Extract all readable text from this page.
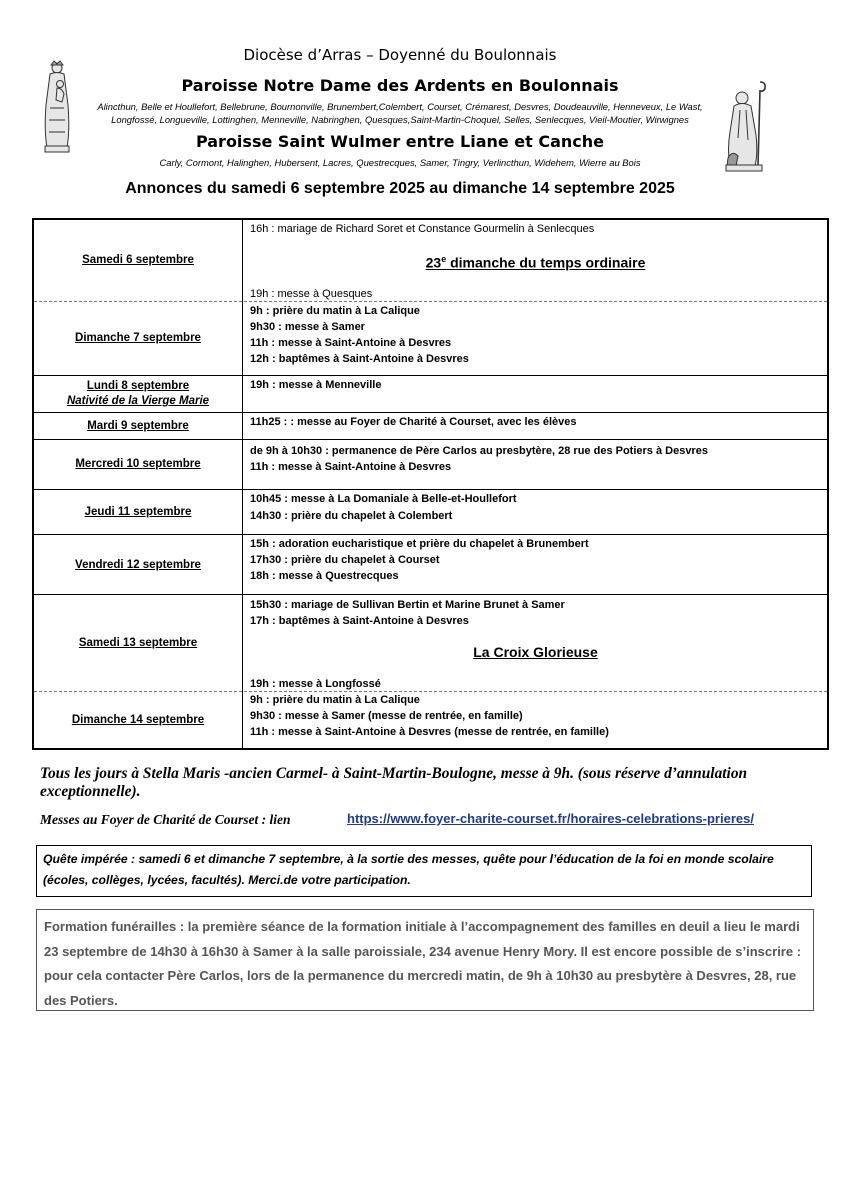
Diocèse d’Arras – Doyenné du Boulonnais
Paroisse Notre Dame des Ardents en Boulonnais
Alincthun, Belle et Houllefort, Bellebrune, Bournonville, Brunembert,Colembert, Courset, Crémarest, Desvres, Doudeauville, Henneveux, Le Wast,
Longfossé, Longueville, Lottinghen, Menneville, Nabringhen, Quesques,Saint-Martin-Choquel, Selles, Senlecques, Vieil-Moutier, Wirwignes
Paroisse Saint Wulmer entre Liane et Canche
Carly, Cormont, Halinghen, Hubersent, Lacres, Questrecques, Samer, Tingry, Verlincthun, Widehem, Wierre au Bois
Annonces du samedi 6 septembre 2025 au dimanche 14 septembre 2025
Samedi 6 septembre
16h : mariage de Richard Soret et Constance Gourmelin à Senlecques
23e dimanche du temps ordinaire
19h : messe à Quesques
Dimanche 7 septembre
9h : prière du matin à La Calique
9h30 : messe à Samer
11h : messe à Saint-Antoine à Desvres
12h : baptêmes à Saint-Antoine à Desvres
Lundi 8 septembre
Nativité de la Vierge Marie
19h : messe à Menneville
Mardi 9 septembre	11h25 : : messe au Foyer de Charité à Courset, avec les élèves
Mercredi 10 septembre
de 9h à 10h30 : permanence de Père Carlos au presbytère, 28 rue des Potiers à Desvres
11h : messe à Saint-Antoine à Desvres
Jeudi 11 septembre
10h45 : messe à La Domaniale à Belle-et-Houllefort
14h30 : prière du chapelet à Colembert
Vendredi 12 septembre
15h : adoration eucharistique et prière du chapelet à Brunembert
17h30 : prière du chapelet à Courset
18h : messe à Questrecques
Samedi 13 septembre
15h30 : mariage de Sullivan Bertin et Marine Brunet à Samer
17h : baptêmes à Saint-Antoine à Desvres
La Croix Glorieuse
19h : messe à Longfossé
Dimanche 14 septembre
9h : prière du matin à La Calique
9h30 : messe à Samer (messe de rentrée, en famille)
11h : messe à Saint-Antoine à Desvres (messe de rentrée, en famille)
Tous les jours à Stella Maris -ancien Carmel- à Saint-Martin-Boulogne, messe à 9h. (sous réserve d’annulation exceptionnelle).
Messes au Foyer de Charité de Courset : lien	https://www.foyer-charite-courset.fr/horaires-celebrations-prieres/
Quête impérée : samedi 6 et dimanche 7 septembre, à la sortie des messes, quête pour l’éducation de la foi en monde scolaire (écoles, collèges, lycées, facultés). Merci.de votre participation.
Formation funérailles : la première séance de la formation initiale à l’accompagnement des familles en deuil a lieu le mardi 23 septembre de 14h30 à 16h30 à Samer à la salle paroissiale, 234 avenue Henry Mory. Il est encore possible de s’inscrire : pour cela contacter Père Carlos, lors de la permanence du mercredi matin, de 9h à 10h30 au presbytère à Desvres, 28, rue des Potiers.
